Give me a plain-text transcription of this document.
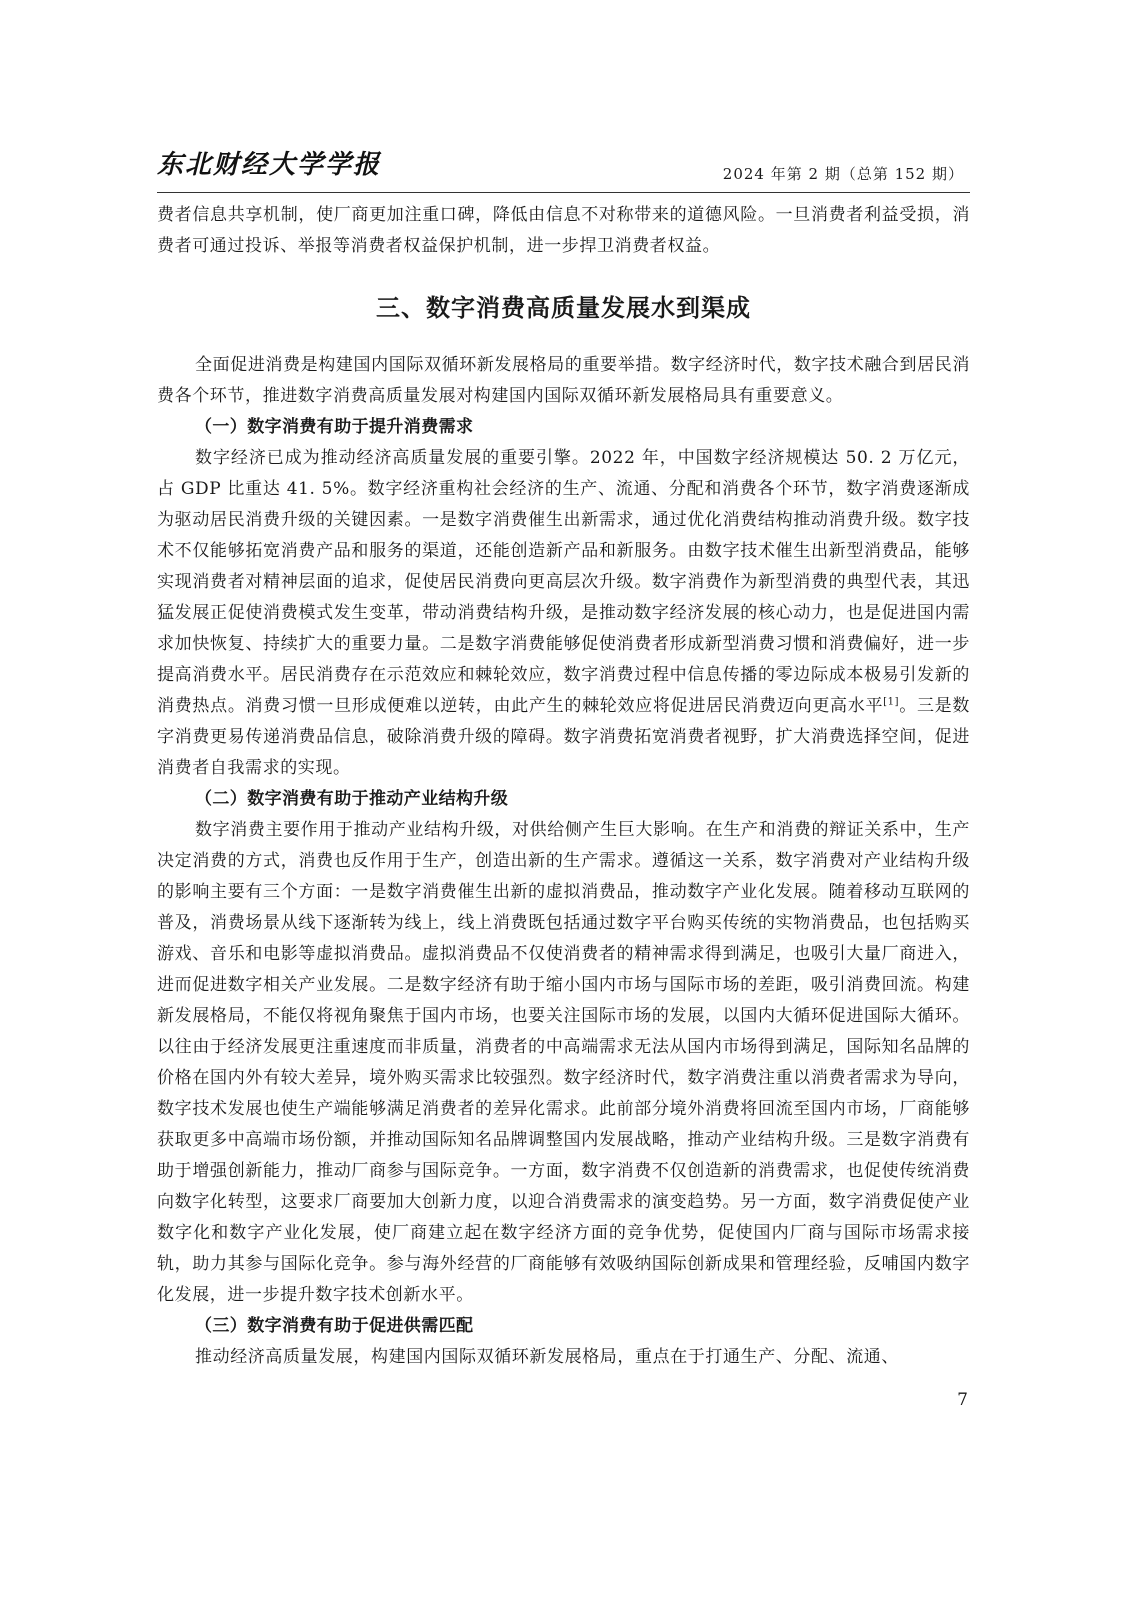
东北财经大学学报	2024 年第 2 期（总第 152 期）

费者信息共享机制，使厂商更加注重口碑，降低由信息不对称带来的道德风险。一旦消费者利益受损，消费者可通过投诉、举报等消费者权益保护机制，进一步捍卫消费者权益。

三、数字消费高质量发展水到渠成

全面促进消费是构建国内国际双循环新发展格局的重要举措。数字经济时代，数字技术融合到居民消费各个环节，推进数字消费高质量发展对构建国内国际双循环新发展格局具有重要意义。

（一）数字消费有助于提升消费需求

数字经济已成为推动经济高质量发展的重要引擎。2022 年，中国数字经济规模达 50. 2 万亿元，占 GDP 比重达 41. 5%。数字经济重构社会经济的生产、流通、分配和消费各个环节，数字消费逐渐成为驱动居民消费升级的关键因素。一是数字消费催生出新需求，通过优化消费结构推动消费升级。数字技术不仅能够拓宽消费产品和服务的渠道，还能创造新产品和新服务。由数字技术催生出新型消费品，能够实现消费者对精神层面的追求，促使居民消费向更高层次升级。数字消费作为新型消费的典型代表，其迅猛发展正促使消费模式发生变革，带动消费结构升级，是推动数字经济发展的核心动力，也是促进国内需求加快恢复、持续扩大的重要力量。二是数字消费能够促使消费者形成新型消费习惯和消费偏好，进一步提高消费水平。居民消费存在示范效应和棘轮效应，数字消费过程中信息传播的零边际成本极易引发新的消费热点。消费习惯一旦形成便难以逆转，由此产生的棘轮效应将促进居民消费迈向更高水平[1]。三是数字消费更易传递消费品信息，破除消费升级的障碍。数字消费拓宽消费者视野，扩大消费选择空间，促进消费者自我需求的实现。

（二）数字消费有助于推动产业结构升级

数字消费主要作用于推动产业结构升级，对供给侧产生巨大影响。在生产和消费的辩证关系中，生产决定消费的方式，消费也反作用于生产，创造出新的生产需求。遵循这一关系，数字消费对产业结构升级的影响主要有三个方面：一是数字消费催生出新的虚拟消费品，推动数字产业化发展。随着移动互联网的普及，消费场景从线下逐渐转为线上，线上消费既包括通过数字平台购买传统的实物消费品，也包括购买游戏、音乐和电影等虚拟消费品。虚拟消费品不仅使消费者的精神需求得到满足，也吸引大量厂商进入，进而促进数字相关产业发展。二是数字经济有助于缩小国内市场与国际市场的差距，吸引消费回流。构建新发展格局，不能仅将视角聚焦于国内市场，也要关注国际市场的发展，以国内大循环促进国际大循环。以往由于经济发展更注重速度而非质量，消费者的中高端需求无法从国内市场得到满足，国际知名品牌的价格在国内外有较大差异，境外购买需求比较强烈。数字经济时代，数字消费注重以消费者需求为导向，数字技术发展也使生产端能够满足消费者的差异化需求。此前部分境外消费将回流至国内市场，厂商能够获取更多中高端市场份额，并推动国际知名品牌调整国内发展战略，推动产业结构升级。三是数字消费有助于增强创新能力，推动厂商参与国际竞争。一方面，数字消费不仅创造新的消费需求，也促使传统消费向数字化转型，这要求厂商要加大创新力度，以迎合消费需求的演变趋势。另一方面，数字消费促使产业数字化和数字产业化发展，使厂商建立起在数字经济方面的竞争优势，促使国内厂商与国际市场需求接轨，助力其参与国际化竞争。参与海外经营的厂商能够有效吸纳国际创新成果和管理经验，反哺国内数字化发展，进一步提升数字技术创新水平。

（三）数字消费有助于促进供需匹配

推动经济高质量发展，构建国内国际双循环新发展格局，重点在于打通生产、分配、流通、

7
